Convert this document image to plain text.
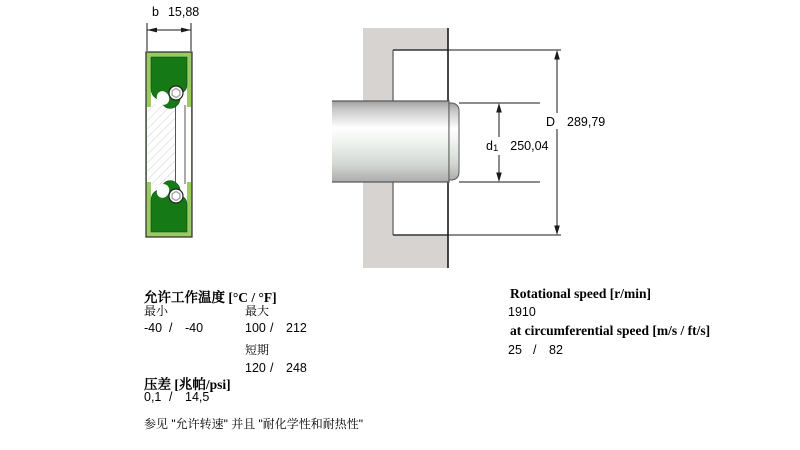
b 15,88
$d_1$ 250,04
D 289,79
允许工作温度 [°C / °F]
最小	最大
-40 /	-40	100 /	212
短期
120 /	248
压差 [兆帕/psi]
0,1 /	14,5
参见 "允许转速" 并且 "耐化学性和耐热性"
Rotational speed [r/min]
1910
at circumferential speed [m/s / ft/s]
25 /	82
